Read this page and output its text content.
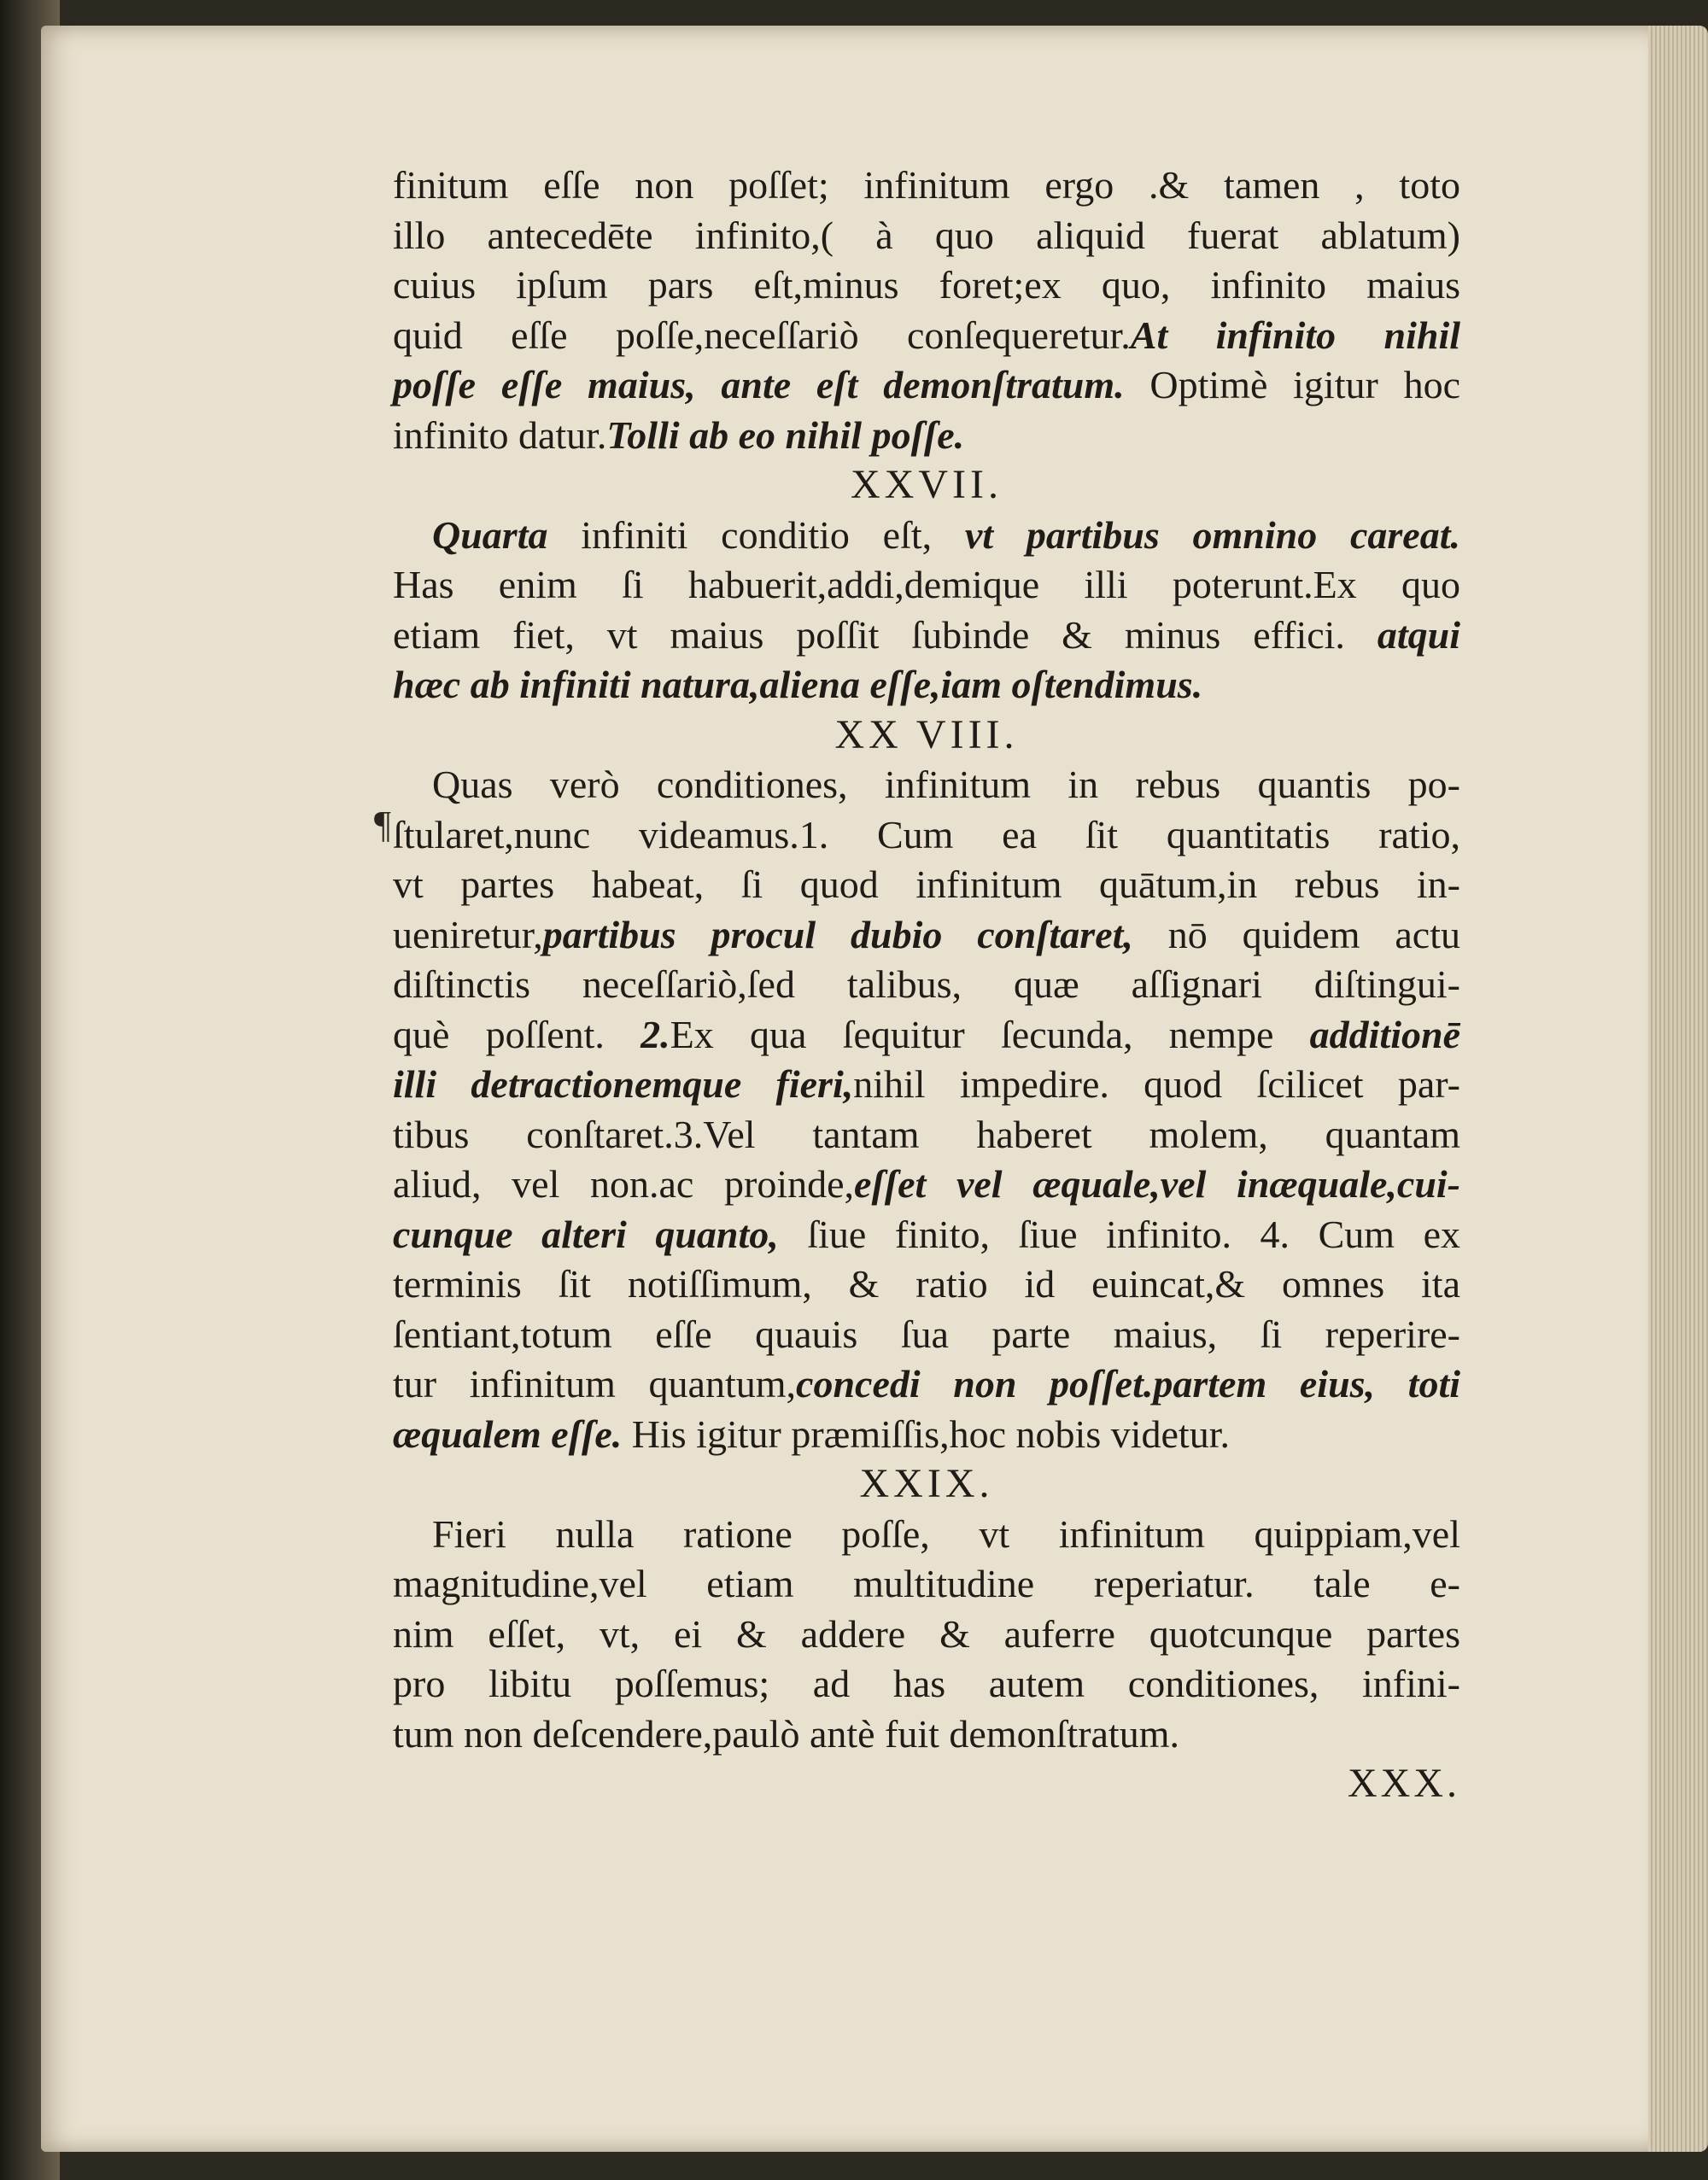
¶
finitum eſſe non poſſet; infinitum ergo .& tamen , toto
illo antecedēte infinito,( à quo aliquid fuerat ablatum)
cuius ipſum pars eſt,minus foret;ex quo, infinito maius
quid eſſe poſſe,neceſſariò conſequeretur.At infinito nihil
poſſe eſſe maius, ante eſt demonſtratum. Optimè igitur hoc
infinito datur.Tolli ab eo nihil poſſe.
XXVII.
Quarta infiniti conditio eſt, vt partibus omnino careat.
Has enim ſi habuerit,addi,demique illi poterunt.Ex quo
etiam fiet, vt maius poſſit ſubinde & minus effici. atqui
hæc ab infiniti natura,aliena eſſe,iam oſtendimus.
XX VIII.
Quas verò conditiones, infinitum in rebus quantis po-
ſtularet,nunc videamus.1. Cum ea ſit quantitatis ratio,
vt partes habeat, ſi quod infinitum quātum,in rebus in-
ueniretur,partibus procul dubio conſtaret, nō quidem actu
diſtinctis neceſſariò,ſed talibus, quæ aſſignari diſtingui-
què poſſent. 2.Ex qua ſequitur ſecunda, nempe additionē
illi detractionemque fieri,nihil impedire. quod ſcilicet par-
tibus conſtaret.3.Vel tantam haberet molem, quantam
aliud, vel non.ac proinde,eſſet vel æquale,vel inæquale,cui-
cunque alteri quanto, ſiue finito, ſiue infinito. 4. Cum ex
terminis ſit notiſſimum, & ratio id euincat,& omnes ita
ſentiant,totum eſſe quauis ſua parte maius, ſi reperire-
tur infinitum quantum,concedi non poſſet.partem eius, toti
æqualem eſſe. His igitur præmiſſis,hoc nobis videtur.
XXIX.
Fieri nulla ratione poſſe, vt infinitum quippiam,vel
magnitudine,vel etiam multitudine reperiatur. tale e-
nim eſſet, vt, ei & addere & auferre quotcunque partes
pro libitu poſſemus; ad has autem conditiones, infini-
tum non deſcendere,paulò antè fuit demonſtratum.
XXX.
